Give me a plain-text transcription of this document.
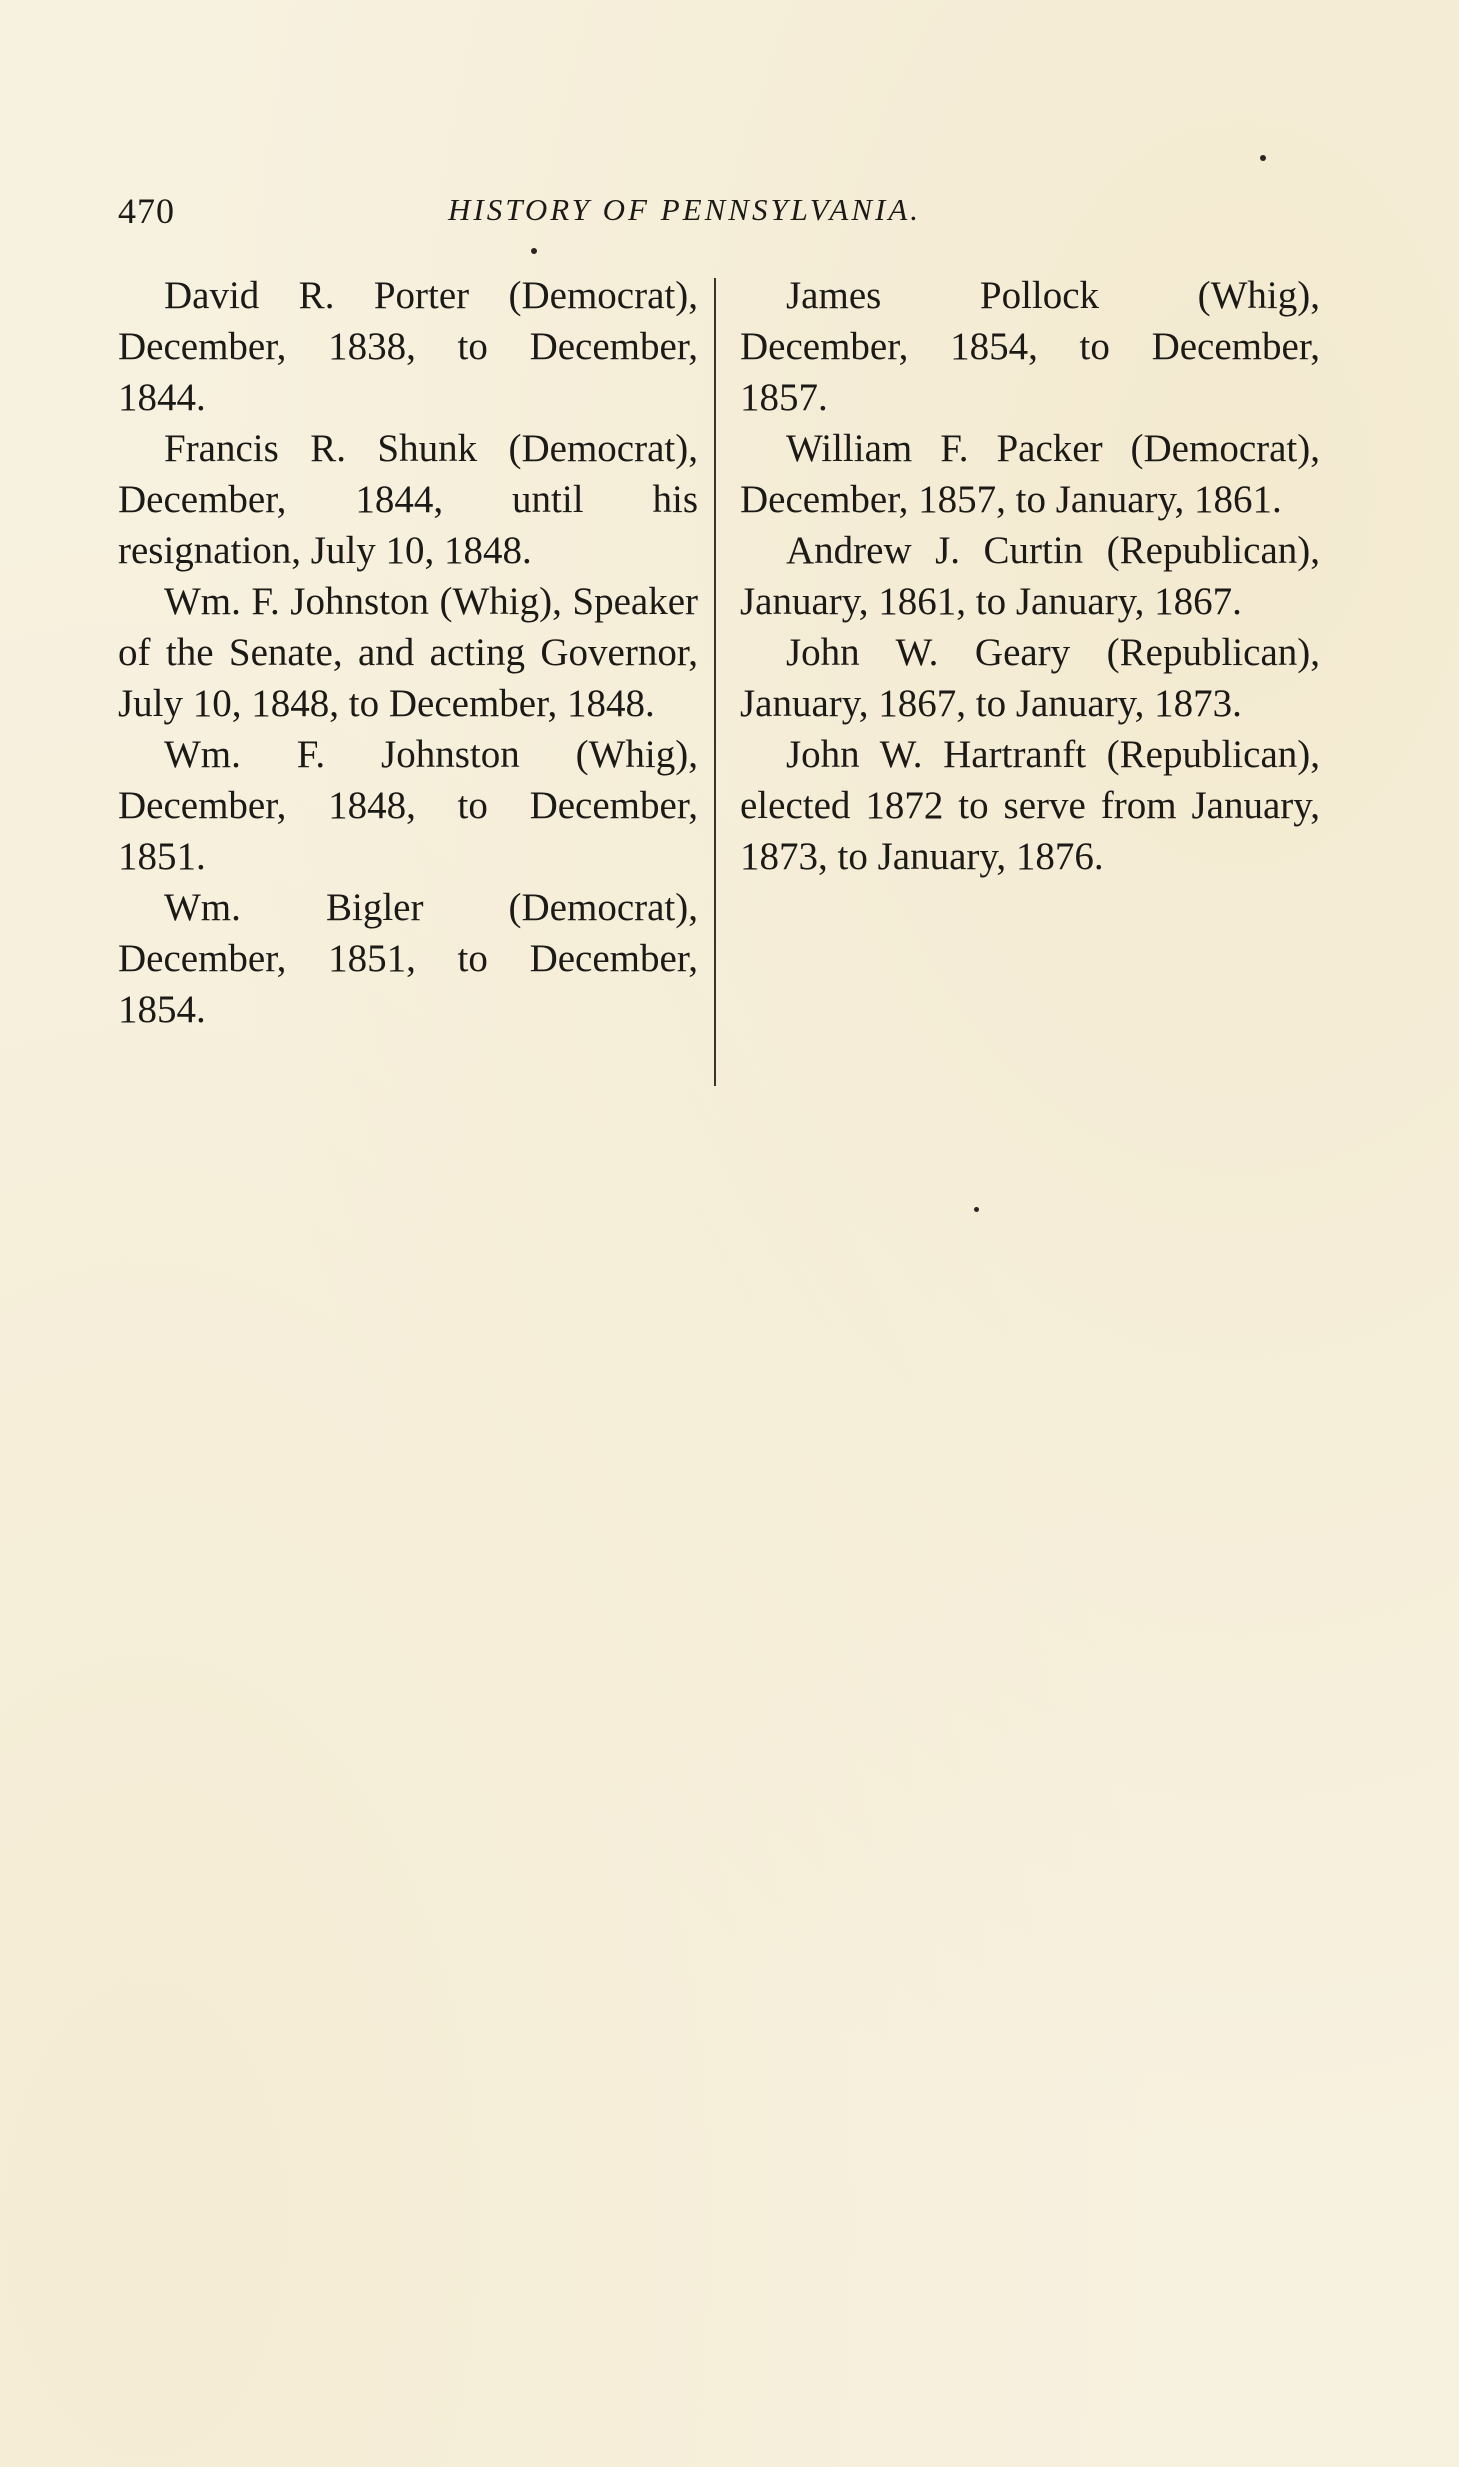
470	HISTORY OF PENNSYLVANIA.

David R. Porter (Democrat), December, 1838, to December, 1844.

Francis R. Shunk (Democrat), December, 1844, until his resignation, July 10, 1848.

Wm. F. Johnston (Whig), Speaker of the Senate, and acting Governor, July 10, 1848, to December, 1848.

Wm. F. Johnston (Whig), December, 1848, to December, 1851.

Wm. Bigler (Democrat), December, 1851, to December, 1854.

James Pollock (Whig), December, 1854, to December, 1857.

William F. Packer (Democrat), December, 1857, to January, 1861.

Andrew J. Curtin (Republican), January, 1861, to January, 1867.

John W. Geary (Republican), January, 1867, to January, 1873.

John W. Hartranft (Republican), elected 1872 to serve from January, 1873, to January, 1876.
